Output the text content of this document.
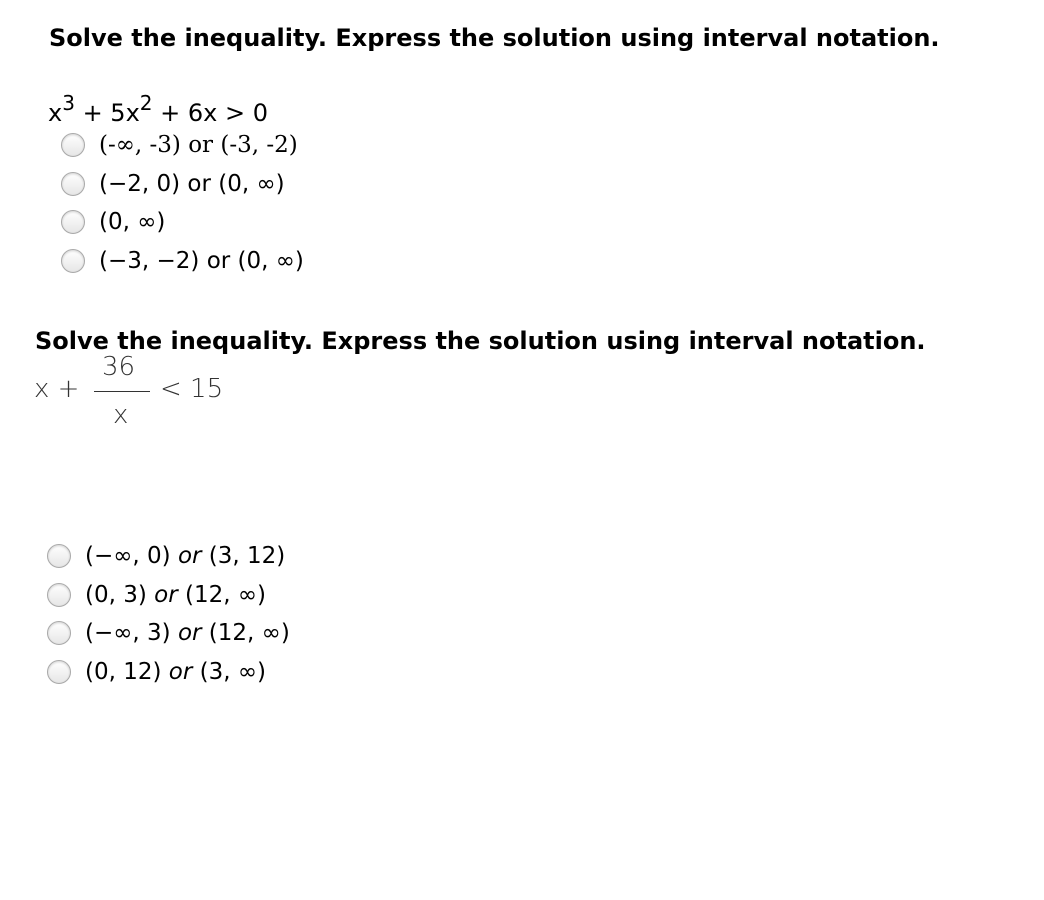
Solve the inequality. Express the solution using interval notation.
$x^3 + 5x^2 + 6x > 0$
(-∞, -3) or (-3, -2)
(−2, 0) or (0, ∞)
(0, ∞)
(−3, −2) or (0, ∞)
Solve the inequality. Express the solution using interval notation.
x +
36
x
< 15
(−∞, 0) or (3, 12)
(0, 3) or (12, ∞)
(−∞, 3) or (12, ∞)
(0, 12) or (3, ∞)
